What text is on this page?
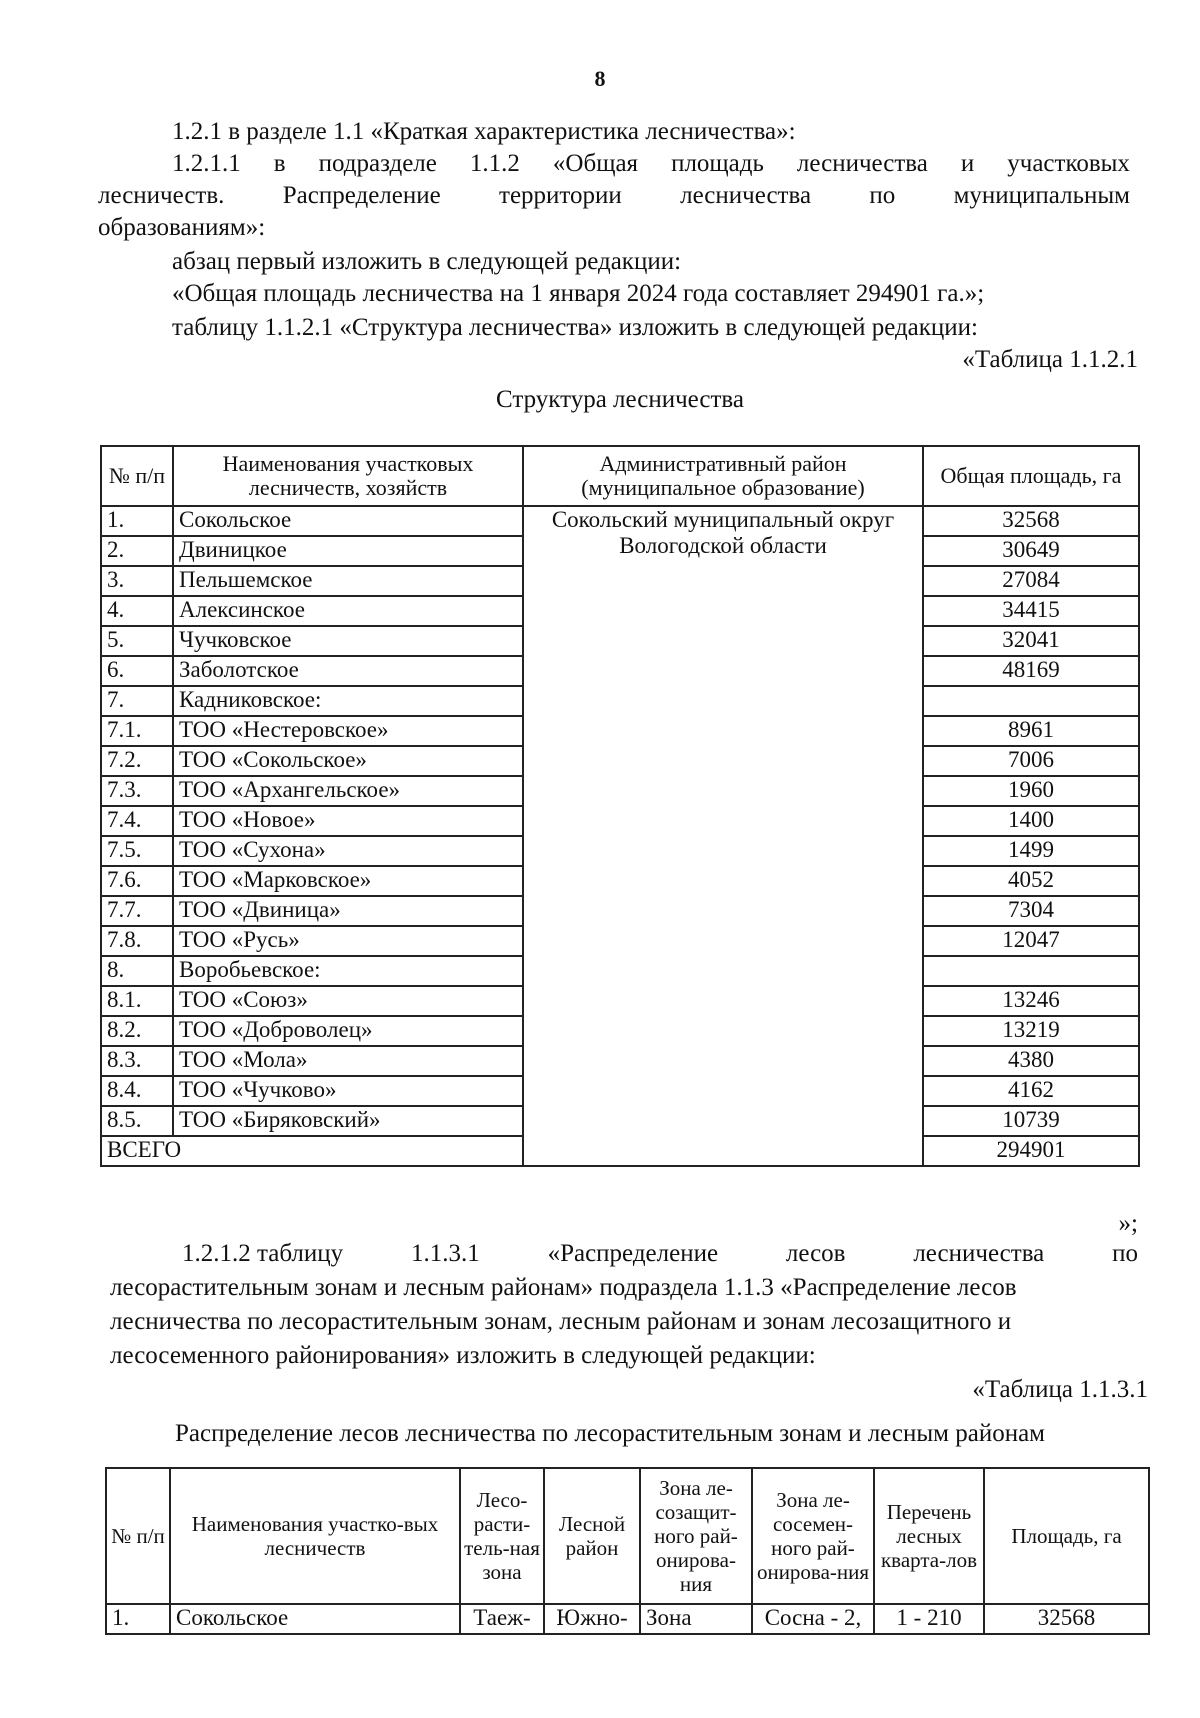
8
1.2.1 в разделе 1.1 «Краткая характеристика лесничества»:
1.2.1.1 в подразделе 1.1.2 «Общая площадь лесничества и участковых
лесничеств. Распределение территории лесничества по муниципальным
образованиям»:
абзац первый изложить в следующей редакции:
«Общая площадь лесничества на 1 января 2024 года составляет 294901 га.»;
таблицу 1.1.2.1 «Структура лесничества» изложить в следующей редакции:
«Таблица 1.1.2.1
Структура лесничества
№ п/п	Наименования участковых лесничеств, хозяйств	Административный район (муниципальное образование)	Общая площадь, га
1.	Сокольское	Сокольский муниципальный округ Вологодской области	32568
2.	Двиницкое		30649
3.	Пельшемское		27084
4.	Алексинское		34415
5.	Чучковское		32041
6.	Заболотское		48169
7.	Кадниковское:		
7.1.	ТОО «Нестеровское»		8961
7.2.	ТОО «Сокольское»		7006
7.3.	ТОО «Архангельское»		1960
7.4.	ТОО «Новое»		1400
7.5.	ТОО «Сухона»		1499
7.6.	ТОО «Марковское»		4052
7.7.	ТОО «Двиница»		7304
7.8.	ТОО «Русь»		12047
8.	Воробьевское:		
8.1.	ТОО «Союз»		13246
8.2.	ТОО «Доброволец»		13219
8.3.	ТОО «Мола»		4380
8.4.	ТОО «Чучково»		4162
8.5.	ТОО «Биряковский»		10739
ВСЕГО			294901
»;
1.2.1.2 таблицу	1.1.3.1	«Распределение	лесов	лесничества	по
лесорастительным зонам и лесным районам» подраздела 1.1.3 «Распределение лесов
лесничества по лесорастительным зонам, лесным районам и зонам лесозащитного и
лесосеменного районирования» изложить в следующей редакции:
«Таблица 1.1.3.1
Распределение лесов лесничества по лесорастительным зонам и лесным районам
№ п/п	Наименования участко-вых лесничеств	Лесо-расти-тель-ная зона	Лесной район	Зона ле-созащит-ного рай-онирова-ния	Зона ле-сосемен-ного рай-онирова-ния	Перечень лесных кварта-лов	Площадь, га
1.	Сокольское	Таеж-	Южно-	Зона	Сосна - 2,	1 - 210	32568
